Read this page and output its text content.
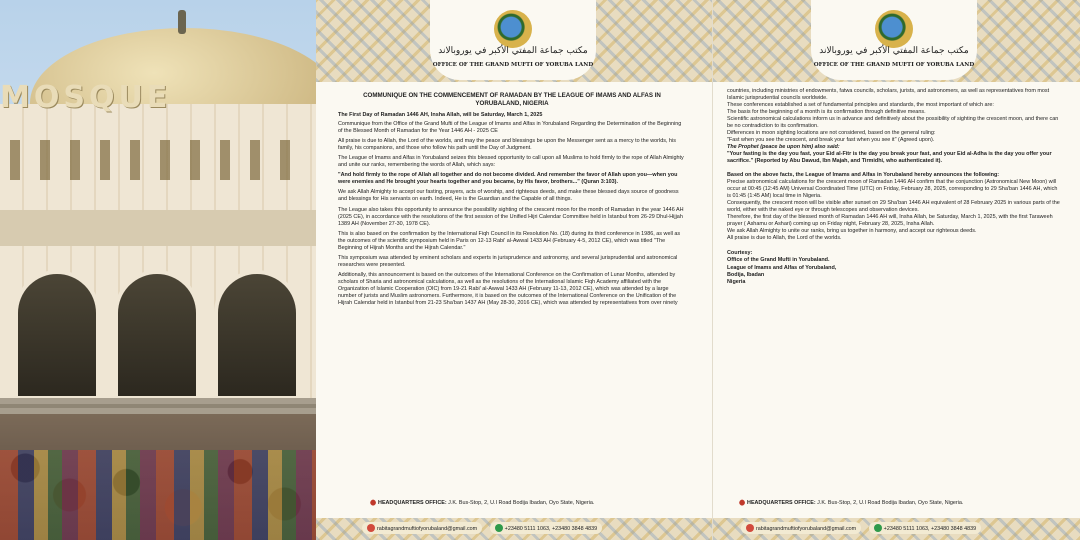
MOSQUE
مكتب جماعة المفتي الأكبر في يوروبالاند
OFFICE OF THE GRAND MUFTI OF YORUBA LAND
COMMUNIQUE ON THE COMMENCEMENT OF RAMADAN BY THE LEAGUE OF IMAMS AND ALFAS IN YORUBALAND, NIGERIA
The First Day of Ramadan 1446 AH, Insha Allah, will be Saturday, March 1, 2025
Communique from the Office of the Grand Mufti of the League of Imams and Alfas in Yorubaland Regarding the Determination of the Beginning of the Blessed Month of Ramadan for the Year 1446 AH - 2025 CE
All praise is due to Allah, the Lord of the worlds, and may the peace and blessings be upon the Messenger sent as a mercy to the worlds, his family, his companions, and those who follow his path until the Day of Judgment.
The League of Imams and Alfas in Yorubaland seizes this blessed opportunity to call upon all Muslims to hold firmly to the rope of Allah Almighty and unite our ranks, remembering the words of Allah, which says:
"And hold firmly to the rope of Allah all together and do not become divided. And remember the favor of Allah upon you—when you were enemies and He brought your hearts together and you became, by His favor, brothers..." (Quran 3:103).
We ask Allah Almighty to accept our fasting, prayers, acts of worship, and righteous deeds, and make these blessed days source of goodness and blessings for His servants on earth. Indeed, He is the Guardian and the Capable of all things.
The League also takes this opportunity to announce the possibility sighting of the crescent moon for the month of Ramadan in the year 1446 AH (2025 CE), in accordance with the resolutions of the first session of the Unified Hijri Calendar Committee held in Istanbul from 26-29 Dhul-Hijjah 1389 AH (November 27-30, 1978 CE).
This is also based on the confirmation by the International Fiqh Council in its Resolution No. (18) during its third conference in 1986, as well as the outcomes of the scientific symposium held in Paris on 12-13 Rabi' al-Awwal 1433 AH (February 4-5, 2012 CE), which was titled "The Beginning of Hijrah Months and the Hijrah Calendar."
This symposium was attended by eminent scholars and experts in jurisprudence and astronomy, and several jurisprudential and astronomical researches were presented.
Additionally, this announcement is based on the outcomes of the International Conference on the Confirmation of Lunar Months, attended by scholars of Sharia and astronomical calculations, as well as the resolutions of the International Islamic Fiqh Academy affiliated with the Organization of Islamic Cooperation (OIC) from 19-21 Rabi' al-Awwal 1433 AH (February 11-13, 2012 CE), which was attended by a large number of jurists and Muslim astronomers. Furthermore, it is based on the outcomes of the International Conference on the Unification of the Hijrah Calendar held in Istanbul from 21-23 Sha'ban 1437 AH (May 28-30, 2016 CE), which was attended by representatives from over ninety
⬤ HEADQUARTERS OFFICE: J.K. Bus-Stop, 2, U.I Road Bodija Ibadan, Oyo State, Nigeria.
rabitagrandmuftiofyorubaland@gmail.com	+23480 5111 1063, +23480 3848 4839
مكتب جماعة المفتي الأكبر في يوروبالاند
OFFICE OF THE GRAND MUFTI OF YORUBA LAND
countries, including ministries of endowments, fatwa councils, scholars, jurists, and astronomers, as well as representatives from most Islamic jurisprudential councils worldwide.
These conferences established a set of fundamental principles and standards, the most important of which are:
The basis for the beginning of a month is its confirmation through definitive means.
Scientific astronomical calculations inform us in advance and definitively about the possibility of sighting the crescent moon, and there can be no contradiction to its confirmation.
Differences in moon sighting locations are not considered, based on the general ruling:
"Fast when you see the crescent, and break your fast when you see it" (Agreed upon).
The Prophet (peace be upon him) also said:
"Your fasting is the day you fast, your Eid al-Fitr is the day you break your fast, and your Eid al-Adha is the day you offer your sacrifice." (Reported by Abu Dawud, Ibn Majah, and Tirmidhi, who authenticated it).
Based on the above facts, the League of Imams and Alfas in Yorubaland hereby announces the following:
Precise astronomical calculations for the crescent moon of Ramadan 1446 AH confirm that the conjunction (Astronomical New Moon) will occur at 00:45 (12:45 AM) Universal Coordinated Time (UTC) on Friday, February 28, 2025, corresponding to 29 Sha'ban 1446 AH, which is 01:45 (1:45 AM) local time in Nigeria.
Consequently, the crescent moon will be visible after sunset on 29 Sha'ban 1446 AH equivalent of 28 February 2025 in various parts of the world, either with the naked eye or through telescopes and observation devices.
Therefore, the first day of the blessed month of Ramadan 1446 AH will, Insha Allah, be Saturday, March 1, 2025, with the first Taraweeh prayer ( Ashamu or Ashari) coming up on Friday night, February 28, 2025, Insha Allah.
We ask Allah Almighty to unite our ranks, bring us together in harmony, and accept our righteous deeds.
All praise is due to Allah, the Lord of the worlds.
Courtesy:
Office of the Grand Mufti in Yorubaland.
League of Imams and Alfas of Yorubaland,
Bodija, Ibadan
Nigeria
⬤ HEADQUARTERS OFFICE: J.K. Bus-Stop, 2, U.I Road Bodija Ibadan, Oyo State, Nigeria.
rabitagrandmuftiofyorubaland@gmail.com	+23480 5111 1063, +23480 3848 4839
